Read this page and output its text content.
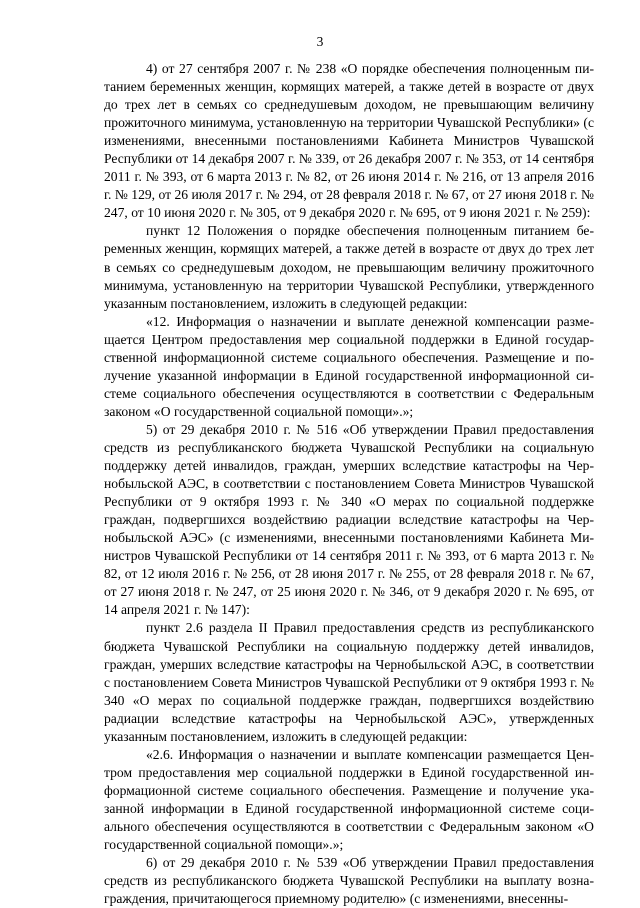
3

4) от 27 сентября 2007 г. № 238 «О порядке обеспечения полноценным питанием беременных женщин, кормящих матерей, а также детей в возрасте от двух до трех лет в семьях со среднедушевым доходом, не превышающим величину прожиточного минимума, установленную на территории Чувашской Республики» (с изменениями, внесенными постановлениями Кабинета Министров Чувашской Республики от 14 декабря 2007 г. № 339, от 26 декабря 2007 г. № 353, от 14 сентября 2011 г. № 393, от 6 марта 2013 г. № 82, от 26 июня 2014 г. № 216, от 13 апреля 2016 г. № 129, от 26 июля 2017 г. № 294, от 28 февраля 2018 г. № 67, от 27 июня 2018 г. № 247, от 10 июня 2020 г. № 305, от 9 декабря 2020 г. № 695, от 9 июня 2021 г. № 259):

пункт 12 Положения о порядке обеспечения полноценным питанием беременных женщин, кормящих матерей, а также детей в возрасте от двух до трех лет в семьях со среднедушевым доходом, не превышающим величину прожиточного минимума, установленную на территории Чувашской Республики, утвержденного указанным постановлением, изложить в следующей редакции:

«12. Информация о назначении и выплате денежной компенсации размещается Центром предоставления мер социальной поддержки в Единой государственной информационной системе социального обеспечения. Размещение и получение указанной информации в Единой государственной информационной системе социального обеспечения осуществляются в соответствии с Федеральным законом «О государственной социальной помощи».»;

5) от 29 декабря 2010 г. № 516 «Об утверждении Правил предоставления средств из республиканского бюджета Чувашской Республики на социальную поддержку детей инвалидов, граждан, умерших вследствие катастрофы на Чернобыльской АЭС, в соответствии с постановлением Совета Министров Чувашской Республики от 9 октября 1993 г. № 340 «О мерах по социальной поддержке граждан, подвергшихся воздействию радиации вследствие катастрофы на Чернобыльской АЭС» (с изменениями, внесенными постановлениями Кабинета Министров Чувашской Республики от 14 сентября 2011 г. № 393, от 6 марта 2013 г. № 82, от 12 июля 2016 г. № 256, от 28 июня 2017 г. № 255, от 28 февраля 2018 г. № 67, от 27 июня 2018 г. № 247, от 25 июня 2020 г. № 346, от 9 декабря 2020 г. № 695, от 14 апреля 2021 г. № 147):

пункт 2.6 раздела II Правил предоставления средств из республиканского бюджета Чувашской Республики на социальную поддержку детей инвалидов, граждан, умерших вследствие катастрофы на Чернобыльской АЭС, в соответствии с постановлением Совета Министров Чувашской Республики от 9 октября 1993 г. № 340 «О мерах по социальной поддержке граждан, подвергшихся воздействию радиации вследствие катастрофы на Чернобыльской АЭС», утвержденных указанным постановлением, изложить в следующей редакции:

«2.6. Информация о назначении и выплате компенсации размещается Центром предоставления мер социальной поддержки в Единой государственной информационной системе социального обеспечения. Размещение и получение указанной информации в Единой государственной информационной системе социального обеспечения осуществляются в соответствии с Федеральным законом «О государственной социальной помощи».»;

6) от 29 декабря 2010 г. № 539 «Об утверждении Правил предоставления средств из республиканского бюджета Чувашской Республики на выплату вознаграждения, причитающегося приемному родителю» (с изменениями, внесенны-
